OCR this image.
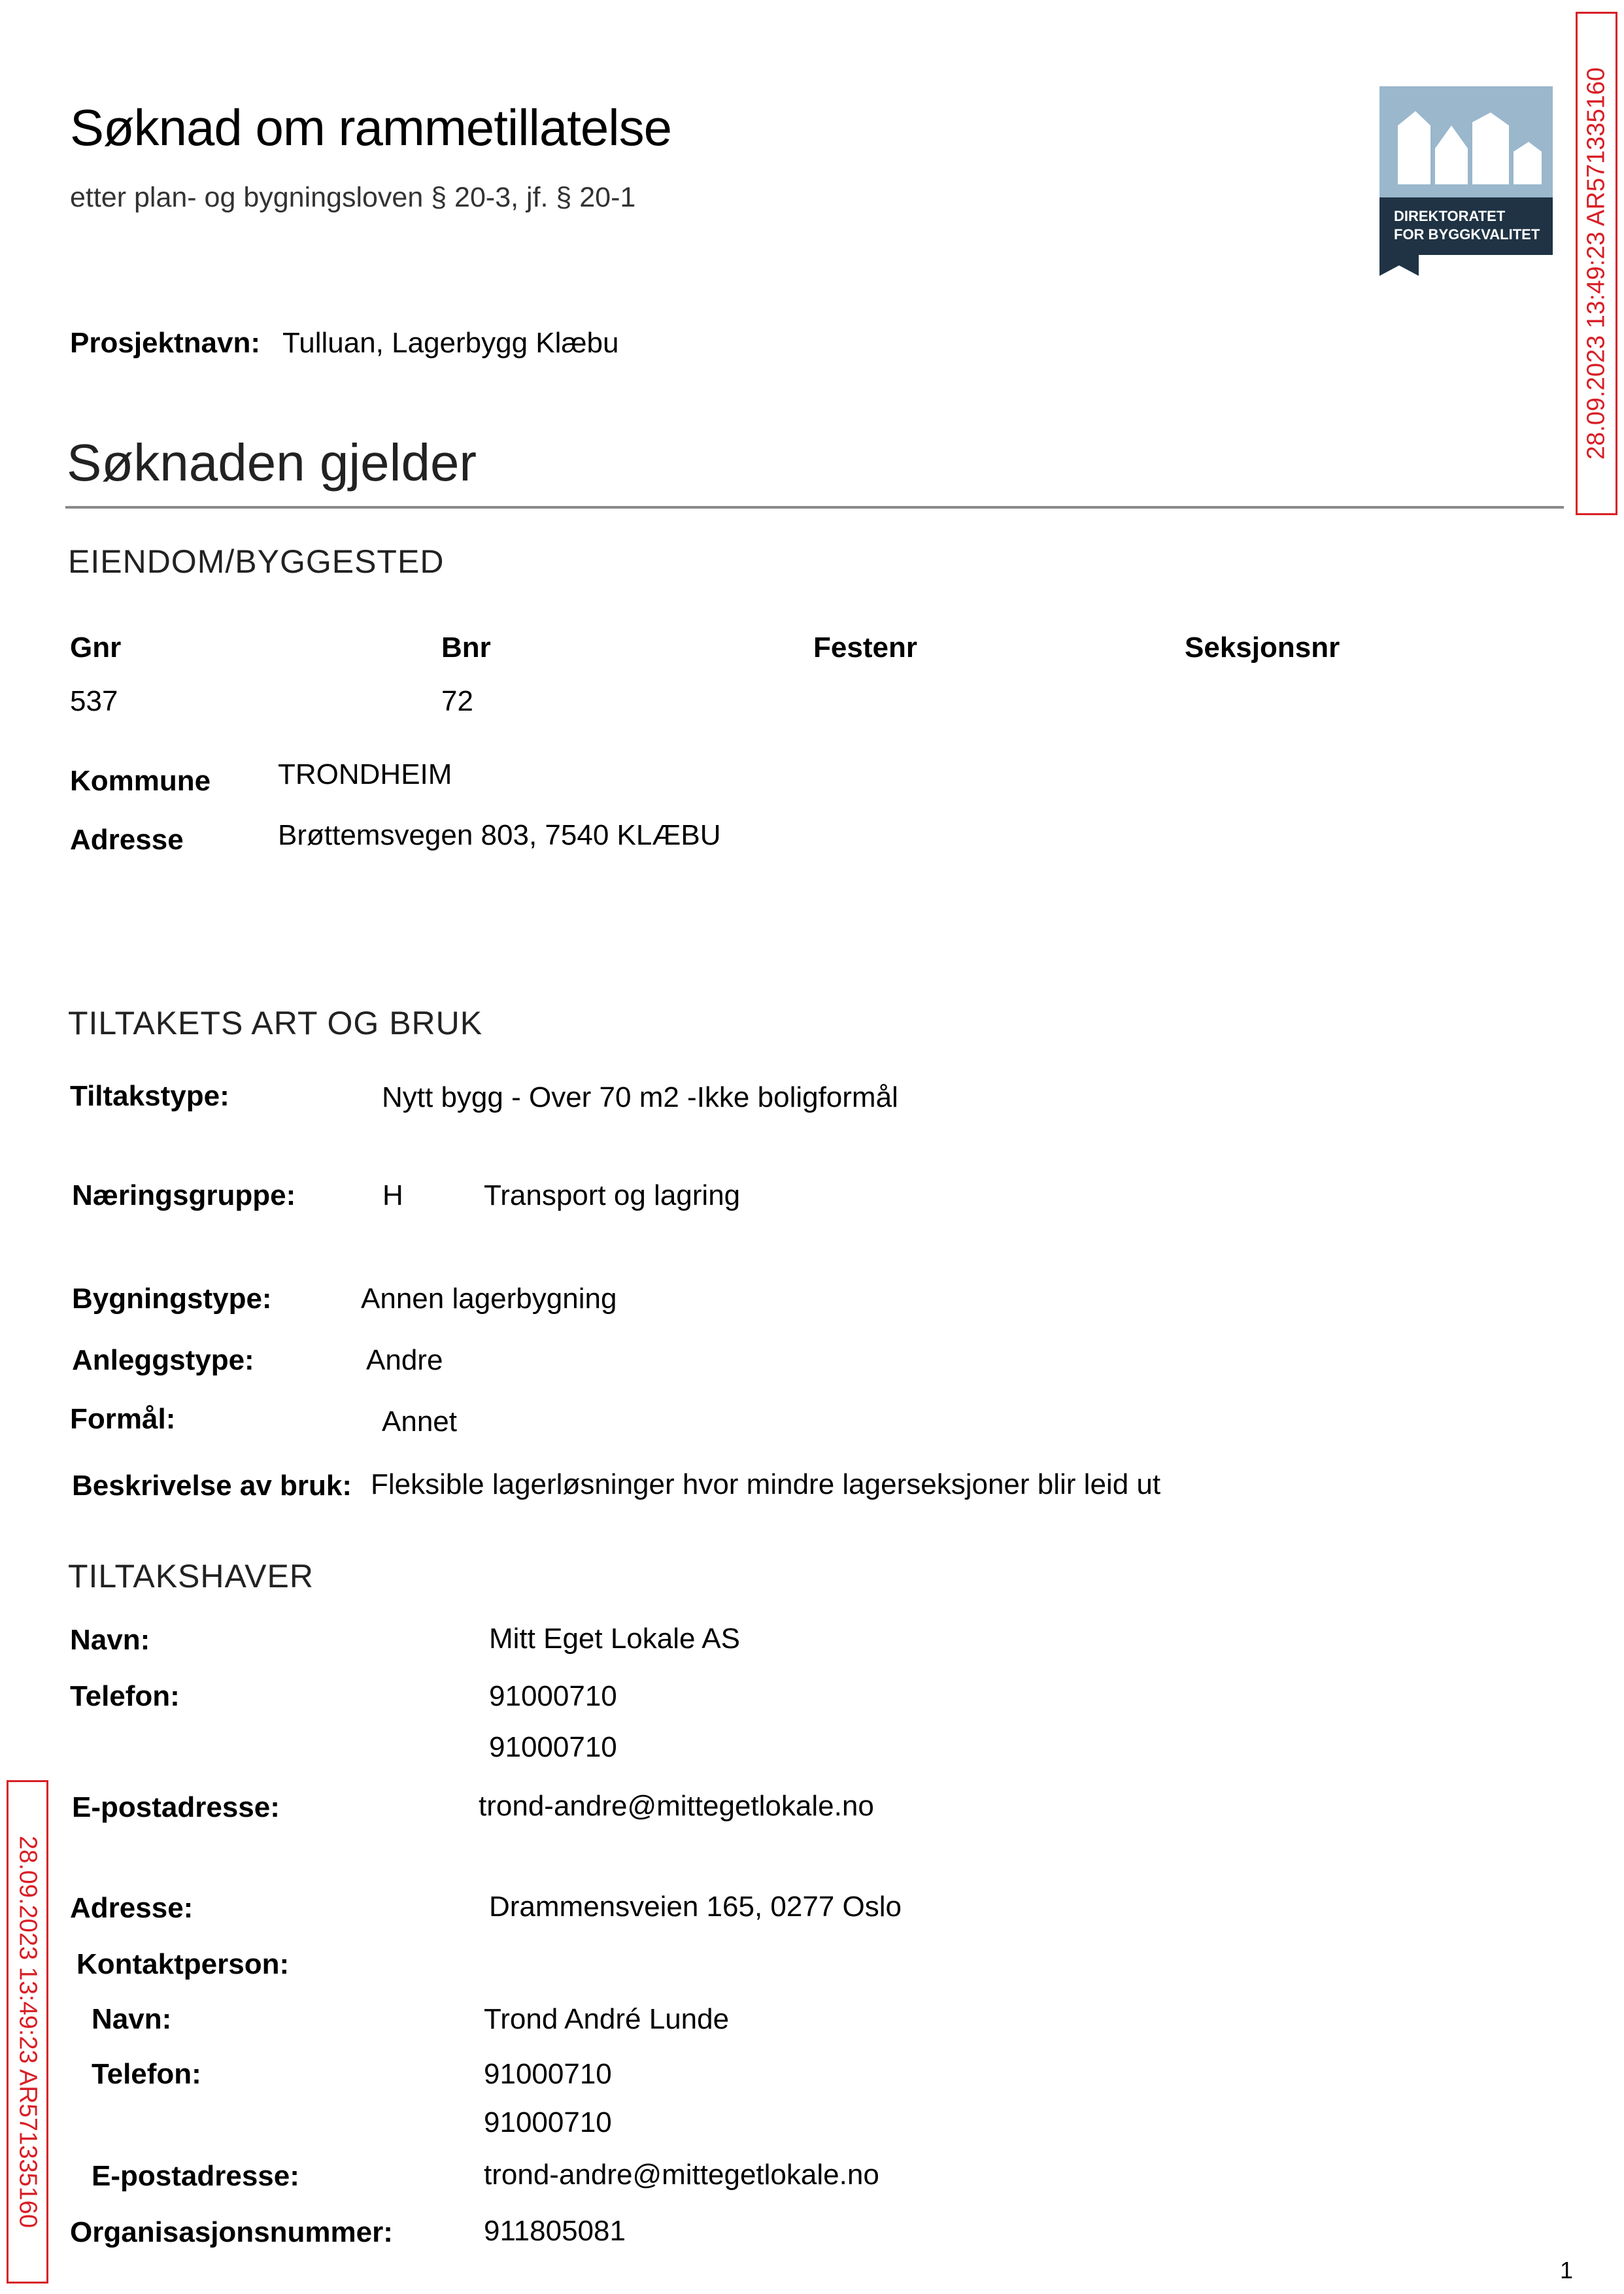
Søknad om rammetillatelse
etter plan- og bygningsloven § 20-3, jf. § 20-1
DIREKTORATET
FOR BYGGKVALITET 28.09.2023 13:49:23 AR571335160
Prosjektnavn: Tulluan, Lagerbygg Klæbu
Søknaden gjelder
EIENDOM/BYGGESTED
Gnr	Bnr	Festenr	Seksjonsnr
537	72
Kommune TRONDHEIM
Adresse	Brøttemsvegen 803, 7540 KLÆBU
TILTAKETS ART OG BRUK
Tiltakstype:	Nytt bygg - Over 70 m2 -Ikke boligformål
Næringsgruppe:	H	Transport og lagring
Bygningstype:	Annen lagerbygning
Anleggstype:	Andre
Formål:	Annet
Beskrivelse av bruk: Fleksible lagerløsninger hvor mindre lagerseksjoner blir leid ut
TILTAKSHAVER
Navn:	Mitt Eget Lokale AS
Telefon:	91000710
91000710
E-postadresse:	trond-andre@mittegetlokale.no
Adresse:	Drammensveien 165, 0277 Oslo
Kontaktperson:
Navn:	Trond André Lunde
Telefon:	91000710
91000710
E-postadresse:	trond-andre@mittegetlokale.no
Organisasjonsnummer:	911805081
28.09.2023 13:49:23 AR571335160
1
